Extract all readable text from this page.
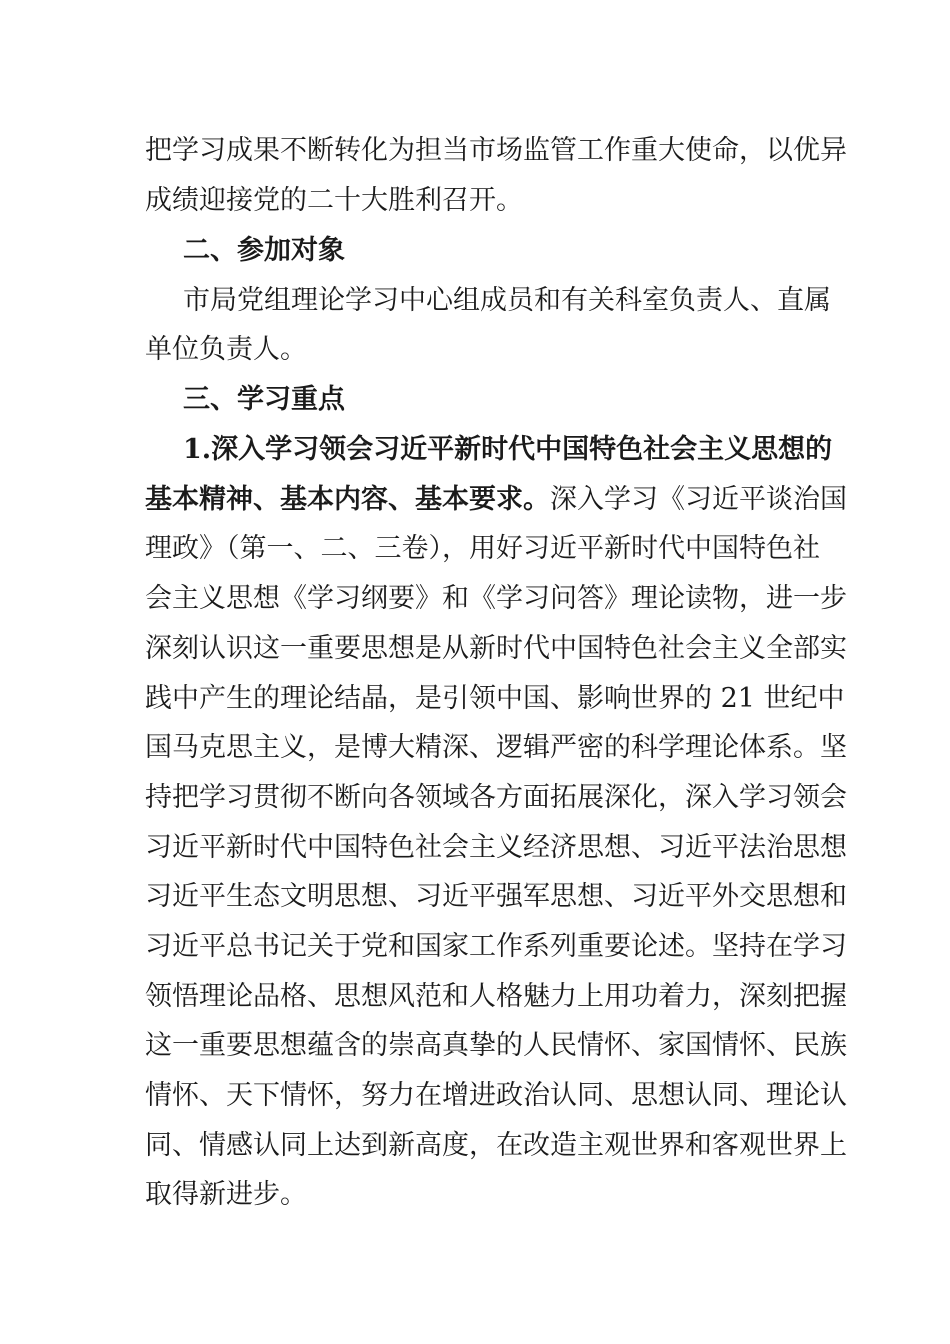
把学习成果不断转化为担当市场监管工作重大使命，以优异
成绩迎接党的二十大胜利召开。
二、参加对象
市局党组理论学习中心组成员和有关科室负责人、直属
单位负责人。
三、学习重点
1.深入学习领会习近平新时代中国特色社会主义思想的
基本精神、基本内容、基本要求。深入学习《习近平谈治国
理政》（第一、二、三卷），用好习近平新时代中国特色社
会主义思想《学习纲要》和《学习问答》理论读物，进一步
深刻认识这一重要思想是从新时代中国特色社会主义全部实
践中产生的理论结晶，是引领中国、影响世界的 21 世纪中
国马克思主义，是博大精深、逻辑严密的科学理论体系。坚
持把学习贯彻不断向各领域各方面拓展深化，深入学习领会
习近平新时代中国特色社会主义经济思想、习近平法治思想
习近平生态文明思想、习近平强军思想、习近平外交思想和
习近平总书记关于党和国家工作系列重要论述。坚持在学习
领悟理论品格、思想风范和人格魅力上用功着力，深刻把握
这一重要思想蕴含的崇高真挚的人民情怀、家国情怀、民族
情怀、天下情怀，努力在增进政治认同、思想认同、理论认
同、情感认同上达到新高度，在改造主观世界和客观世界上
取得新进步。
